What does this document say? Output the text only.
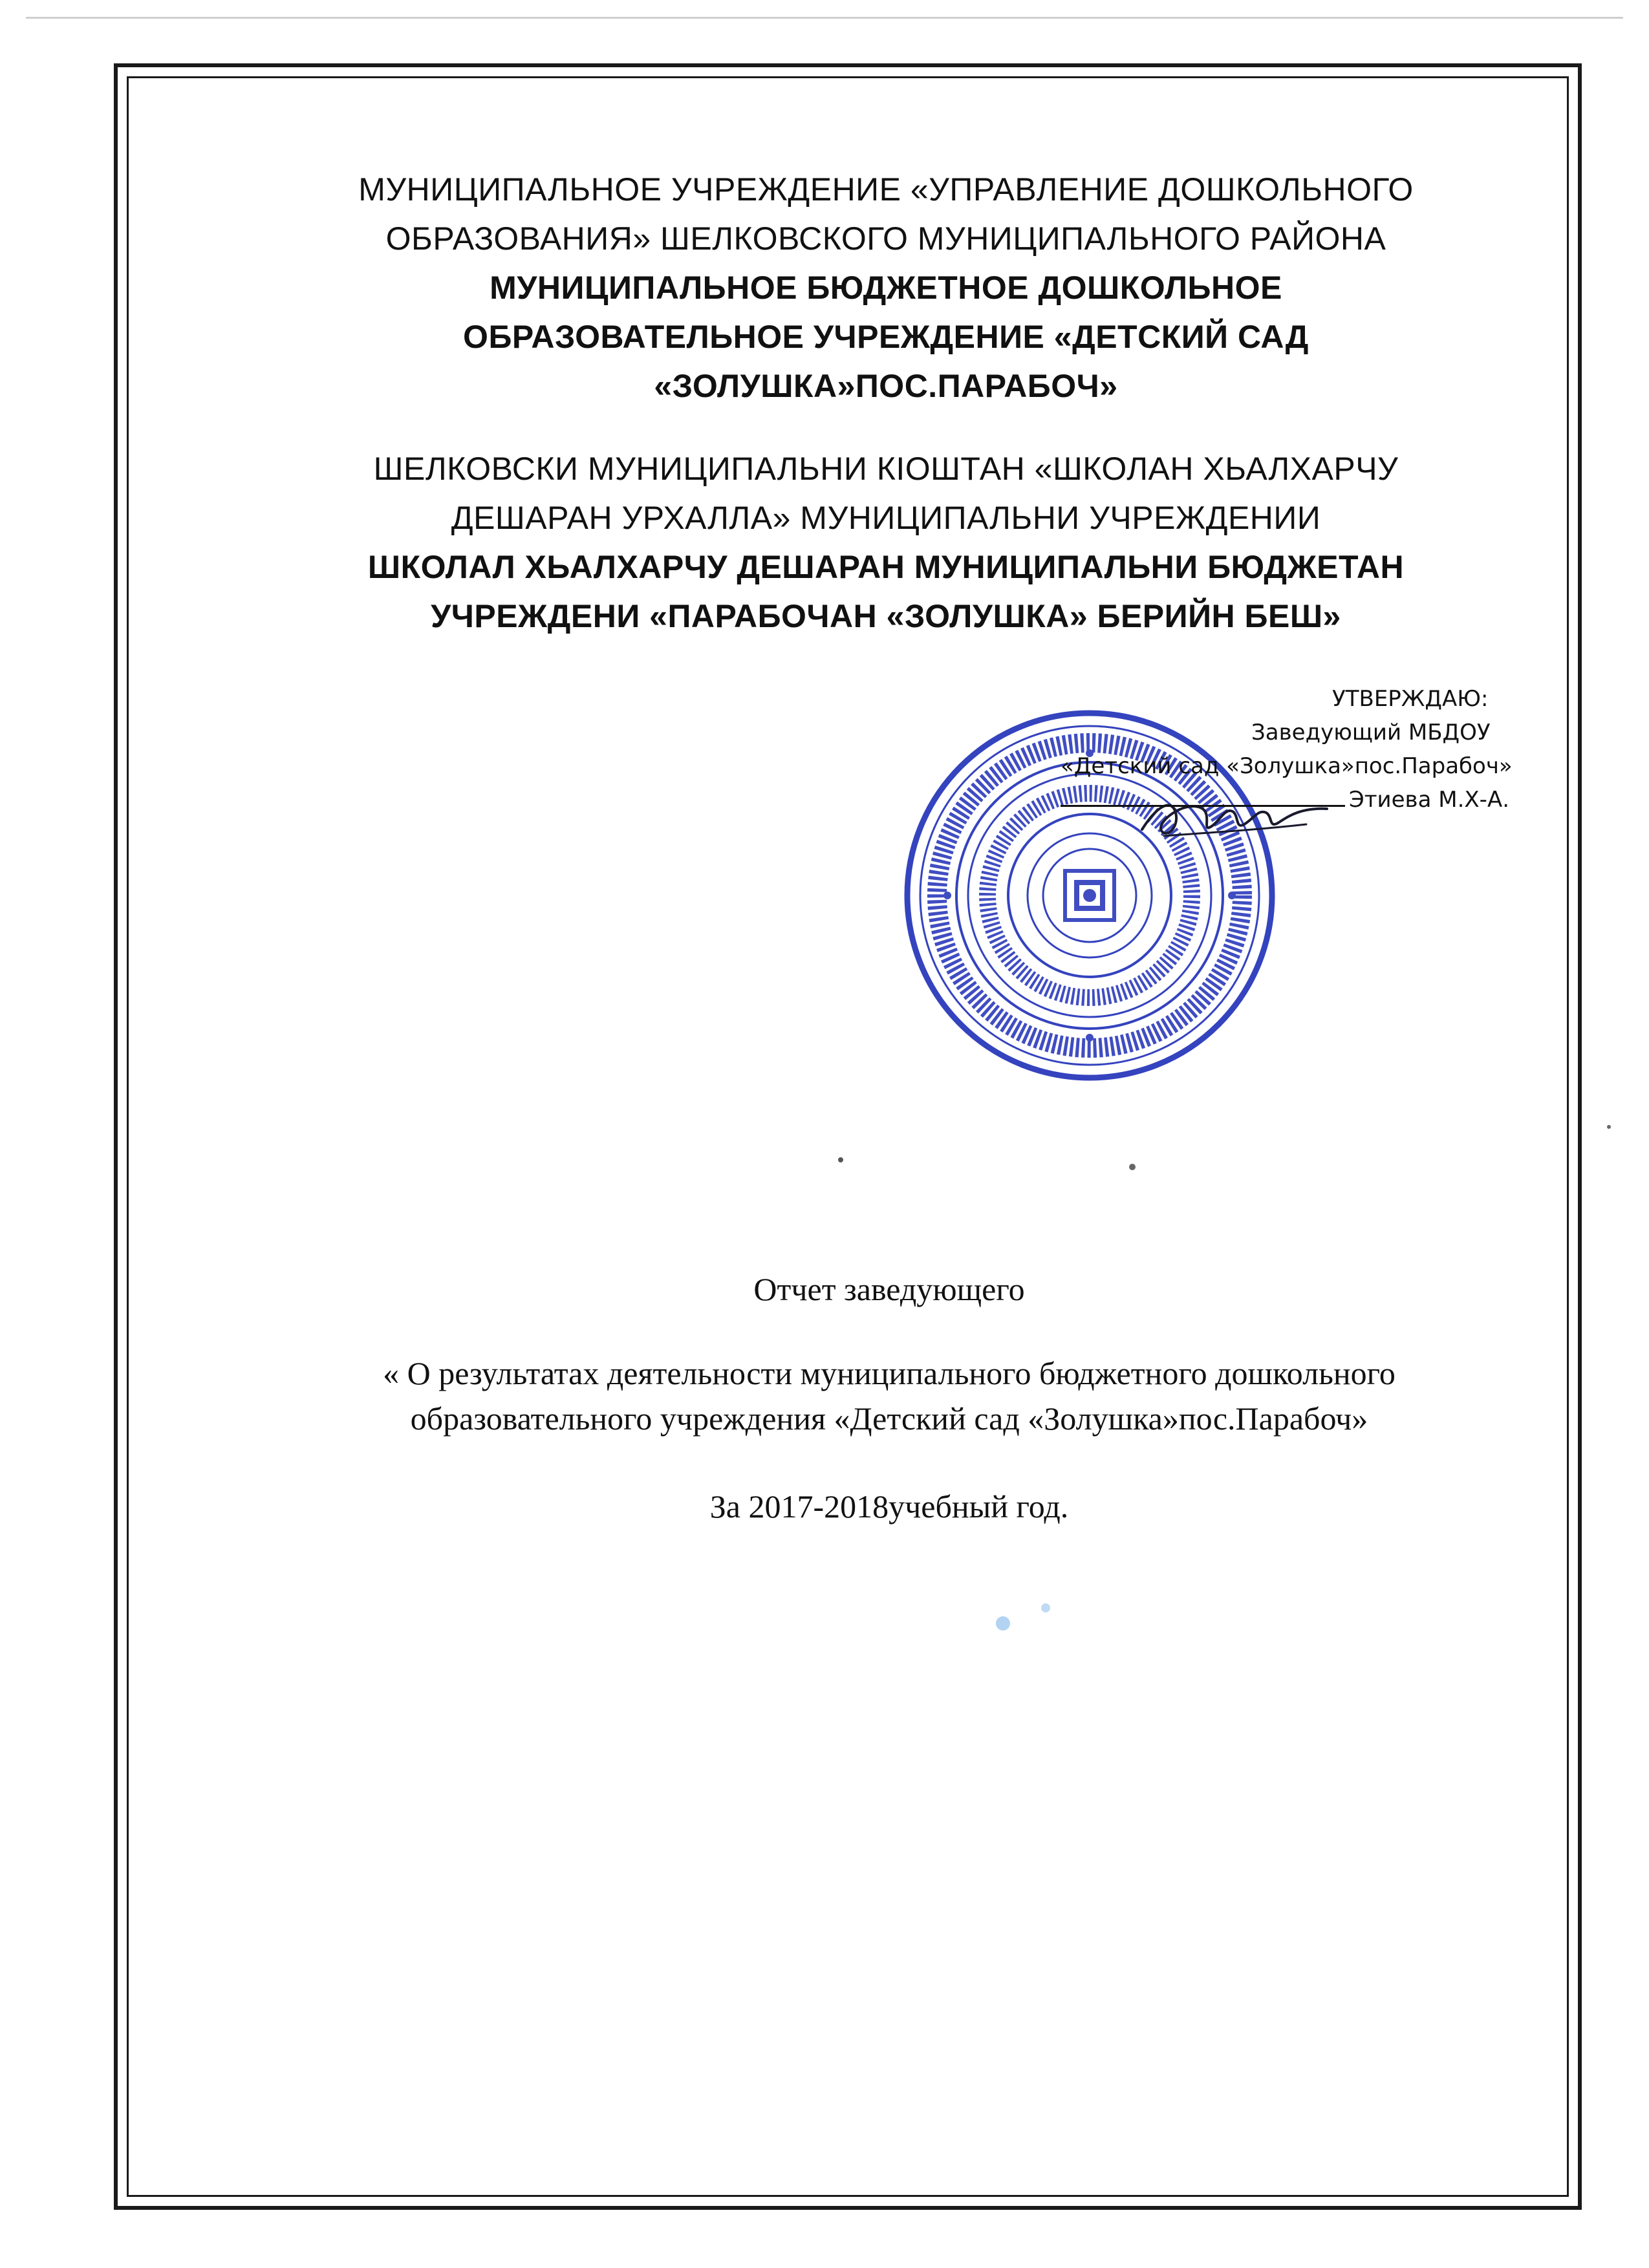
МУНИЦИПАЛЬНОЕ УЧРЕЖДЕНИЕ «УПРАВЛЕНИЕ ДОШКОЛЬНОГО
ОБРАЗОВАНИЯ» ШЕЛКОВСКОГО МУНИЦИПАЛЬНОГО РАЙОНА
МУНИЦИПАЛЬНОЕ БЮДЖЕТНОЕ ДОШКОЛЬНОЕ
ОБРАЗОВАТЕЛЬНОЕ УЧРЕЖДЕНИЕ «ДЕТСКИЙ САД
«ЗОЛУШКА»ПОС.ПАРАБОЧ»
ШЕЛКОВСКИ МУНИЦИПАЛЬНИ КIОШТАН «ШКОЛАН ХЬАЛХАРЧУ
ДЕШАРАН УРХАЛЛА» МУНИЦИПАЛЬНИ УЧРЕЖДЕНИИ
ШКОЛАЛ ХЬАЛХАРЧУ ДЕШАРАН МУНИЦИПАЛЬНИ БЮДЖЕТАН
УЧРЕЖДЕНИ «ПАРАБОЧАН «ЗОЛУШКА» БЕРИЙН БЕШ»
УТВЕРЖДАЮ:
Заведующий МБДОУ
«Детский сад «Золушка»пос.Парабоч»
Этиева М.Х-А.
Отчет заведующего
« О результатах деятельности муниципального бюджетного дошкольного
образовательного учреждения «Детский сад «Золушка»пос.Парабоч»
За 2017-2018учебный год.
